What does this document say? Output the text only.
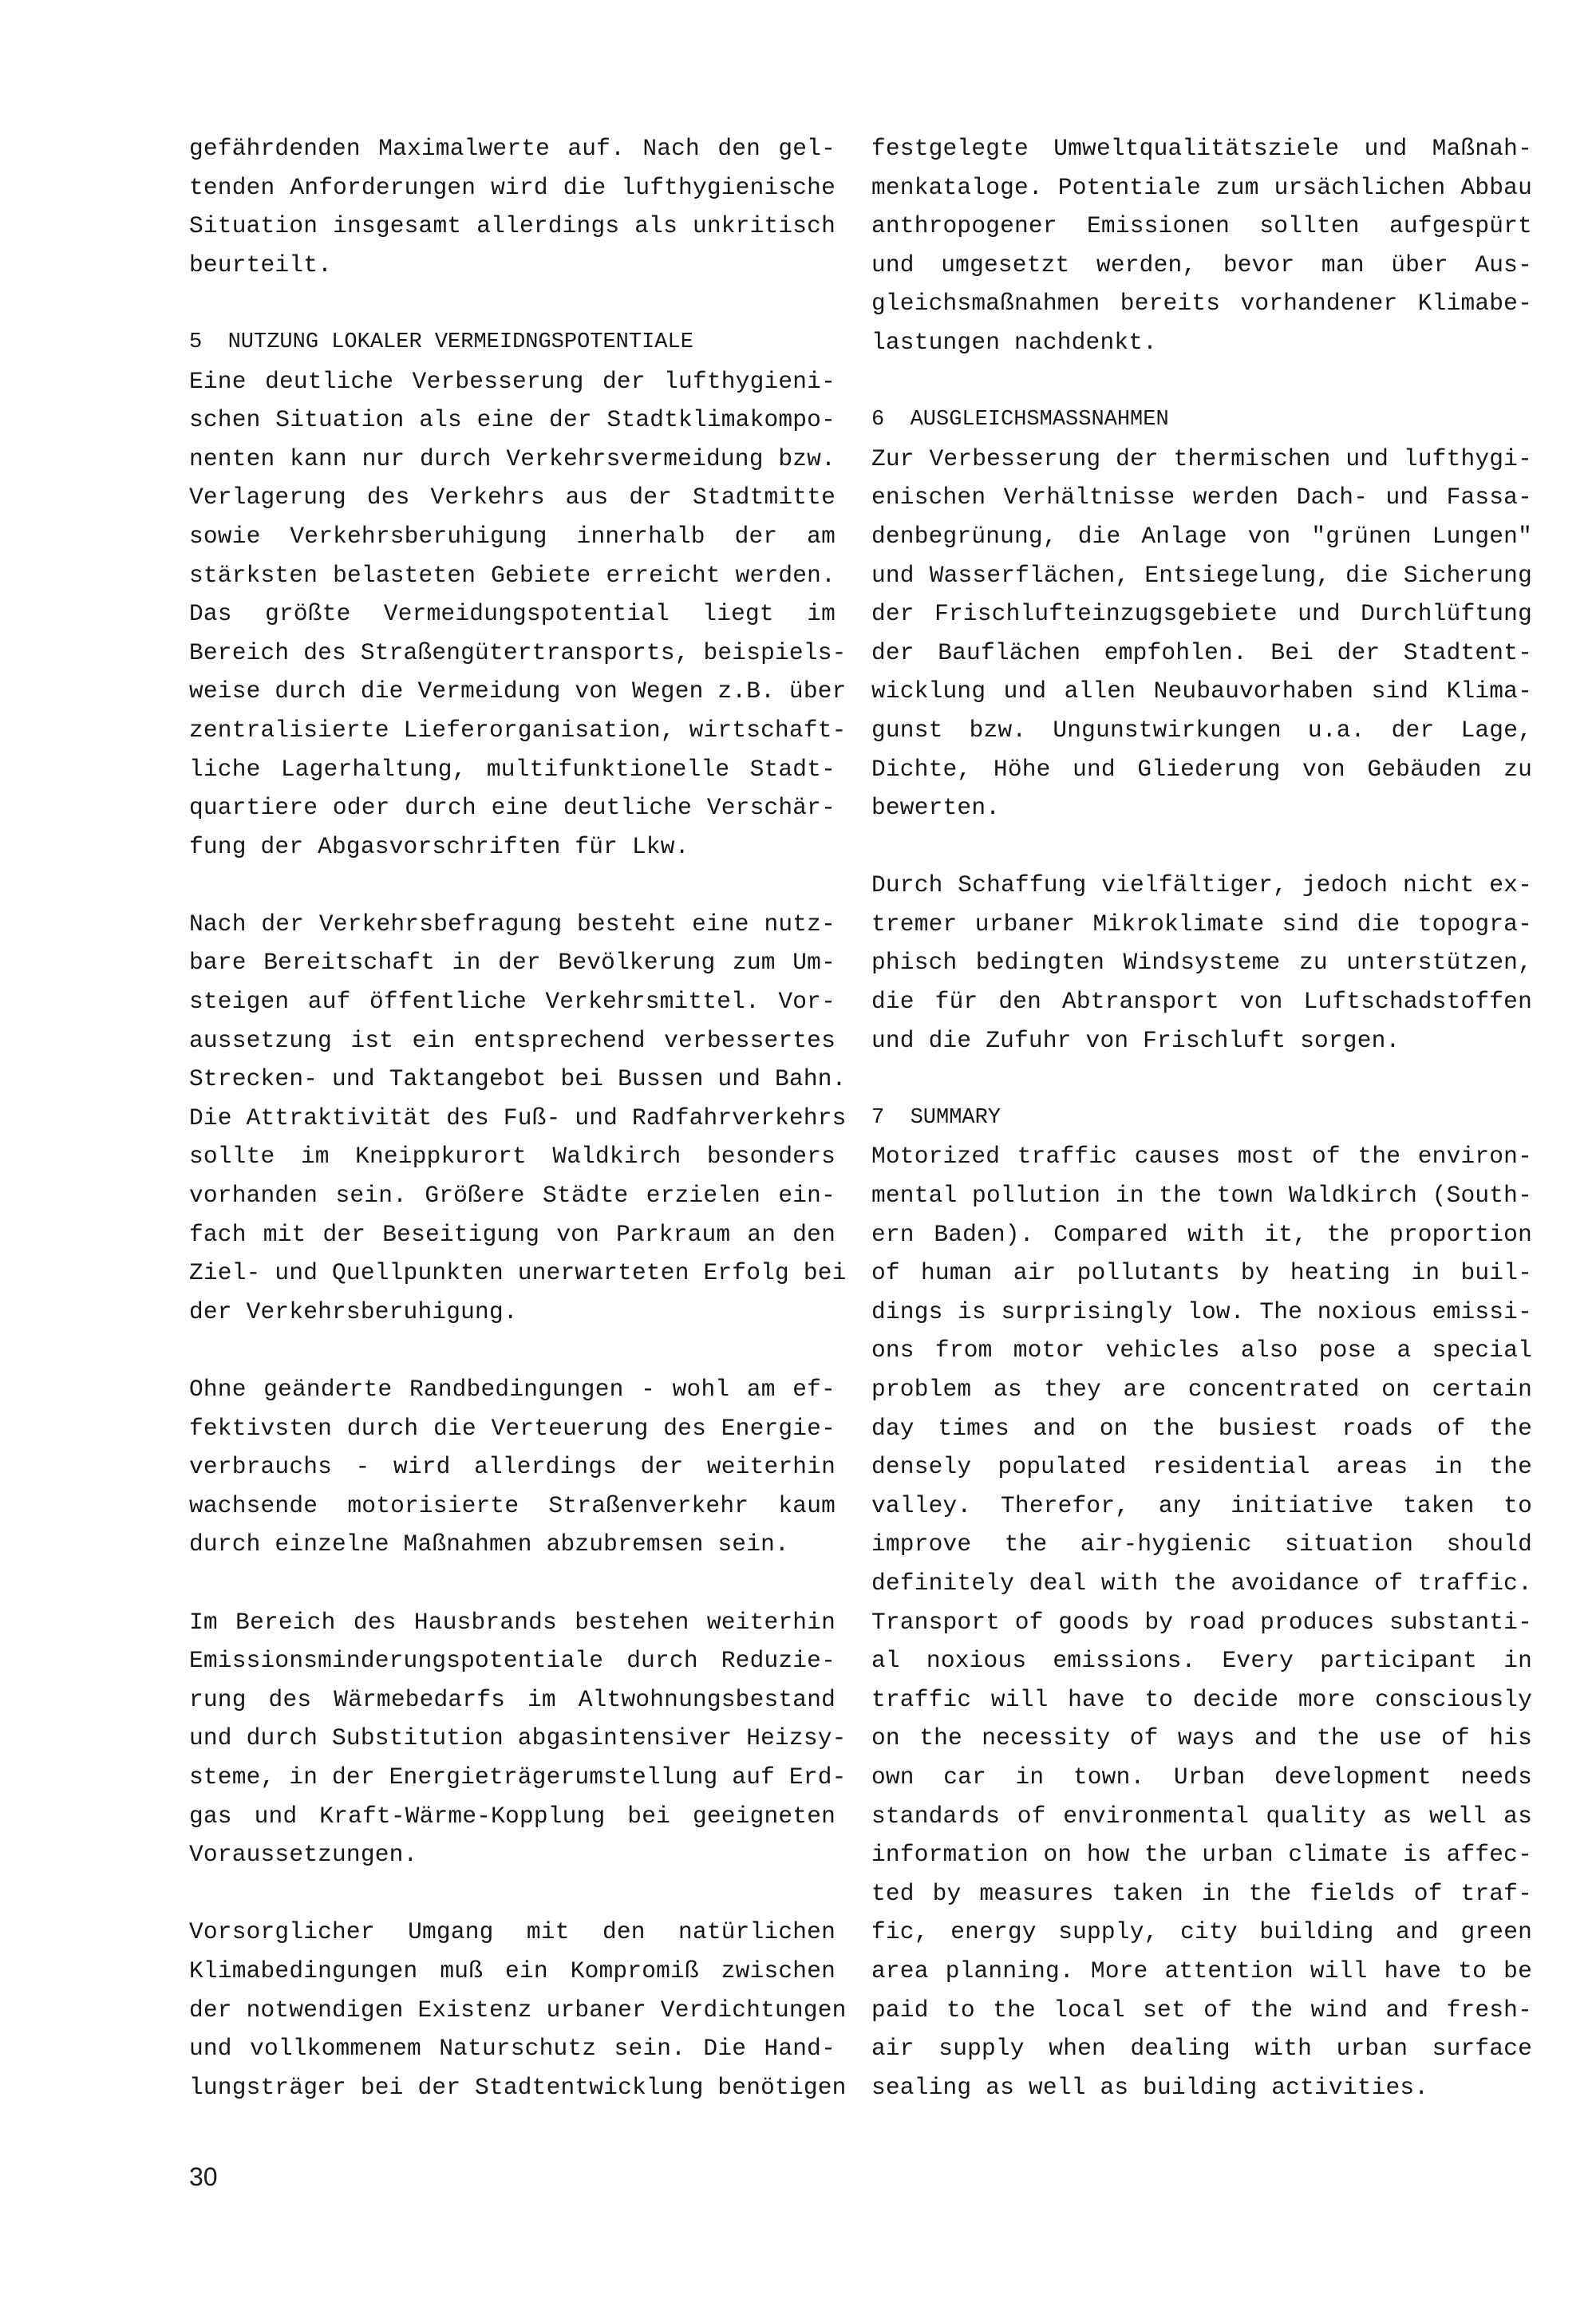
gefährdenden Maximalwerte auf. Nach den gel-
tenden Anforderungen wird die lufthygienische
Situation insgesamt allerdings als unkritisch
beurteilt.
5  NUTZUNG LOKALER VERMEIDNGSPOTENTIALE
Eine deutliche Verbesserung der lufthygieni-
schen Situation als eine der Stadtklimakompo-
nenten kann nur durch Verkehrsvermeidung bzw.
Verlagerung des Verkehrs aus der Stadtmitte
sowie Verkehrsberuhigung innerhalb der am
stärksten belasteten Gebiete erreicht werden.
Das größte Vermeidungspotential liegt im
Bereich des Straßengütertransports, beispiels-
weise durch die Vermeidung von Wegen z.B. über
zentralisierte Lieferorganisation, wirtschaft-
liche Lagerhaltung, multifunktionelle Stadt-
quartiere oder durch eine deutliche Verschär-
fung der Abgasvorschriften für Lkw.
Nach der Verkehrsbefragung besteht eine nutz-
bare Bereitschaft in der Bevölkerung zum Um-
steigen auf öffentliche Verkehrsmittel. Vor-
aussetzung ist ein entsprechend verbessertes
Strecken- und Taktangebot bei Bussen und Bahn.
Die Attraktivität des Fuß- und Radfahrverkehrs
sollte im Kneippkurort Waldkirch besonders
vorhanden sein. Größere Städte erzielen ein-
fach mit der Beseitigung von Parkraum an den
Ziel- und Quellpunkten unerwarteten Erfolg bei
der Verkehrsberuhigung.
Ohne geänderte Randbedingungen - wohl am ef-
fektivsten durch die Verteuerung des Energie-
verbrauchs - wird allerdings der weiterhin
wachsende motorisierte Straßenverkehr kaum
durch einzelne Maßnahmen abzubremsen sein.
Im Bereich des Hausbrands bestehen weiterhin
Emissionsminderungspotentiale durch Reduzie-
rung des Wärmebedarfs im Altwohnungsbestand
und durch Substitution abgasintensiver Heizsy-
steme, in der Energieträgerumstellung auf Erd-
gas und Kraft-Wärme-Kopplung bei geeigneten
Voraussetzungen.
Vorsorglicher Umgang mit den natürlichen
Klimabedingungen muß ein Kompromiß zwischen
der notwendigen Existenz urbaner Verdichtungen
und vollkommenem Naturschutz sein. Die Hand-
lungsträger bei der Stadtentwicklung benötigen
festgelegte Umweltqualitätsziele und Maßnah-
menkataloge. Potentiale zum ursächlichen Abbau
anthropogener Emissionen sollten aufgespürt
und umgesetzt werden, bevor man über Aus-
gleichsmaßnahmen bereits vorhandener Klimabe-
lastungen nachdenkt.
6  AUSGLEICHSMASSNAHMEN
Zur Verbesserung der thermischen und lufthygi-
enischen Verhältnisse werden Dach- und Fassa-
denbegrünung, die Anlage von "grünen Lungen"
und Wasserflächen, Entsiegelung, die Sicherung
der Frischlufteinzugsgebiete und Durchlüftung
der Bauflächen empfohlen. Bei der Stadtent-
wicklung und allen Neubauvorhaben sind Klima-
gunst bzw. Ungunstwirkungen u.a. der Lage,
Dichte, Höhe und Gliederung von Gebäuden zu
bewerten.
Durch Schaffung vielfältiger, jedoch nicht ex-
tremer urbaner Mikroklimate sind die topogra-
phisch bedingten Windsysteme zu unterstützen,
die für den Abtransport von Luftschadstoffen
und die Zufuhr von Frischluft sorgen.
7  SUMMARY
Motorized traffic causes most of the environ-
mental pollution in the town Waldkirch (South-
ern Baden). Compared with it, the proportion
of human air pollutants by heating in buil-
dings is surprisingly low. The noxious emissi-
ons from motor vehicles also pose a special
problem as they are concentrated on certain
day times and on the busiest roads of the
densely populated residential areas in the
valley. Therefor, any initiative taken to
improve the air-hygienic situation should
definitely deal with the avoidance of traffic.
Transport of goods by road produces substanti-
al noxious emissions. Every participant in
traffic will have to decide more consciously
on the necessity of ways and the use of his
own car in town. Urban development needs
standards of environmental quality as well as
information on how the urban climate is affec-
ted by measures taken in the fields of traf-
fic, energy supply, city building and green
area planning. More attention will have to be
paid to the local set of the wind and fresh-
air supply when dealing with urban surface
sealing as well as building activities.
30
